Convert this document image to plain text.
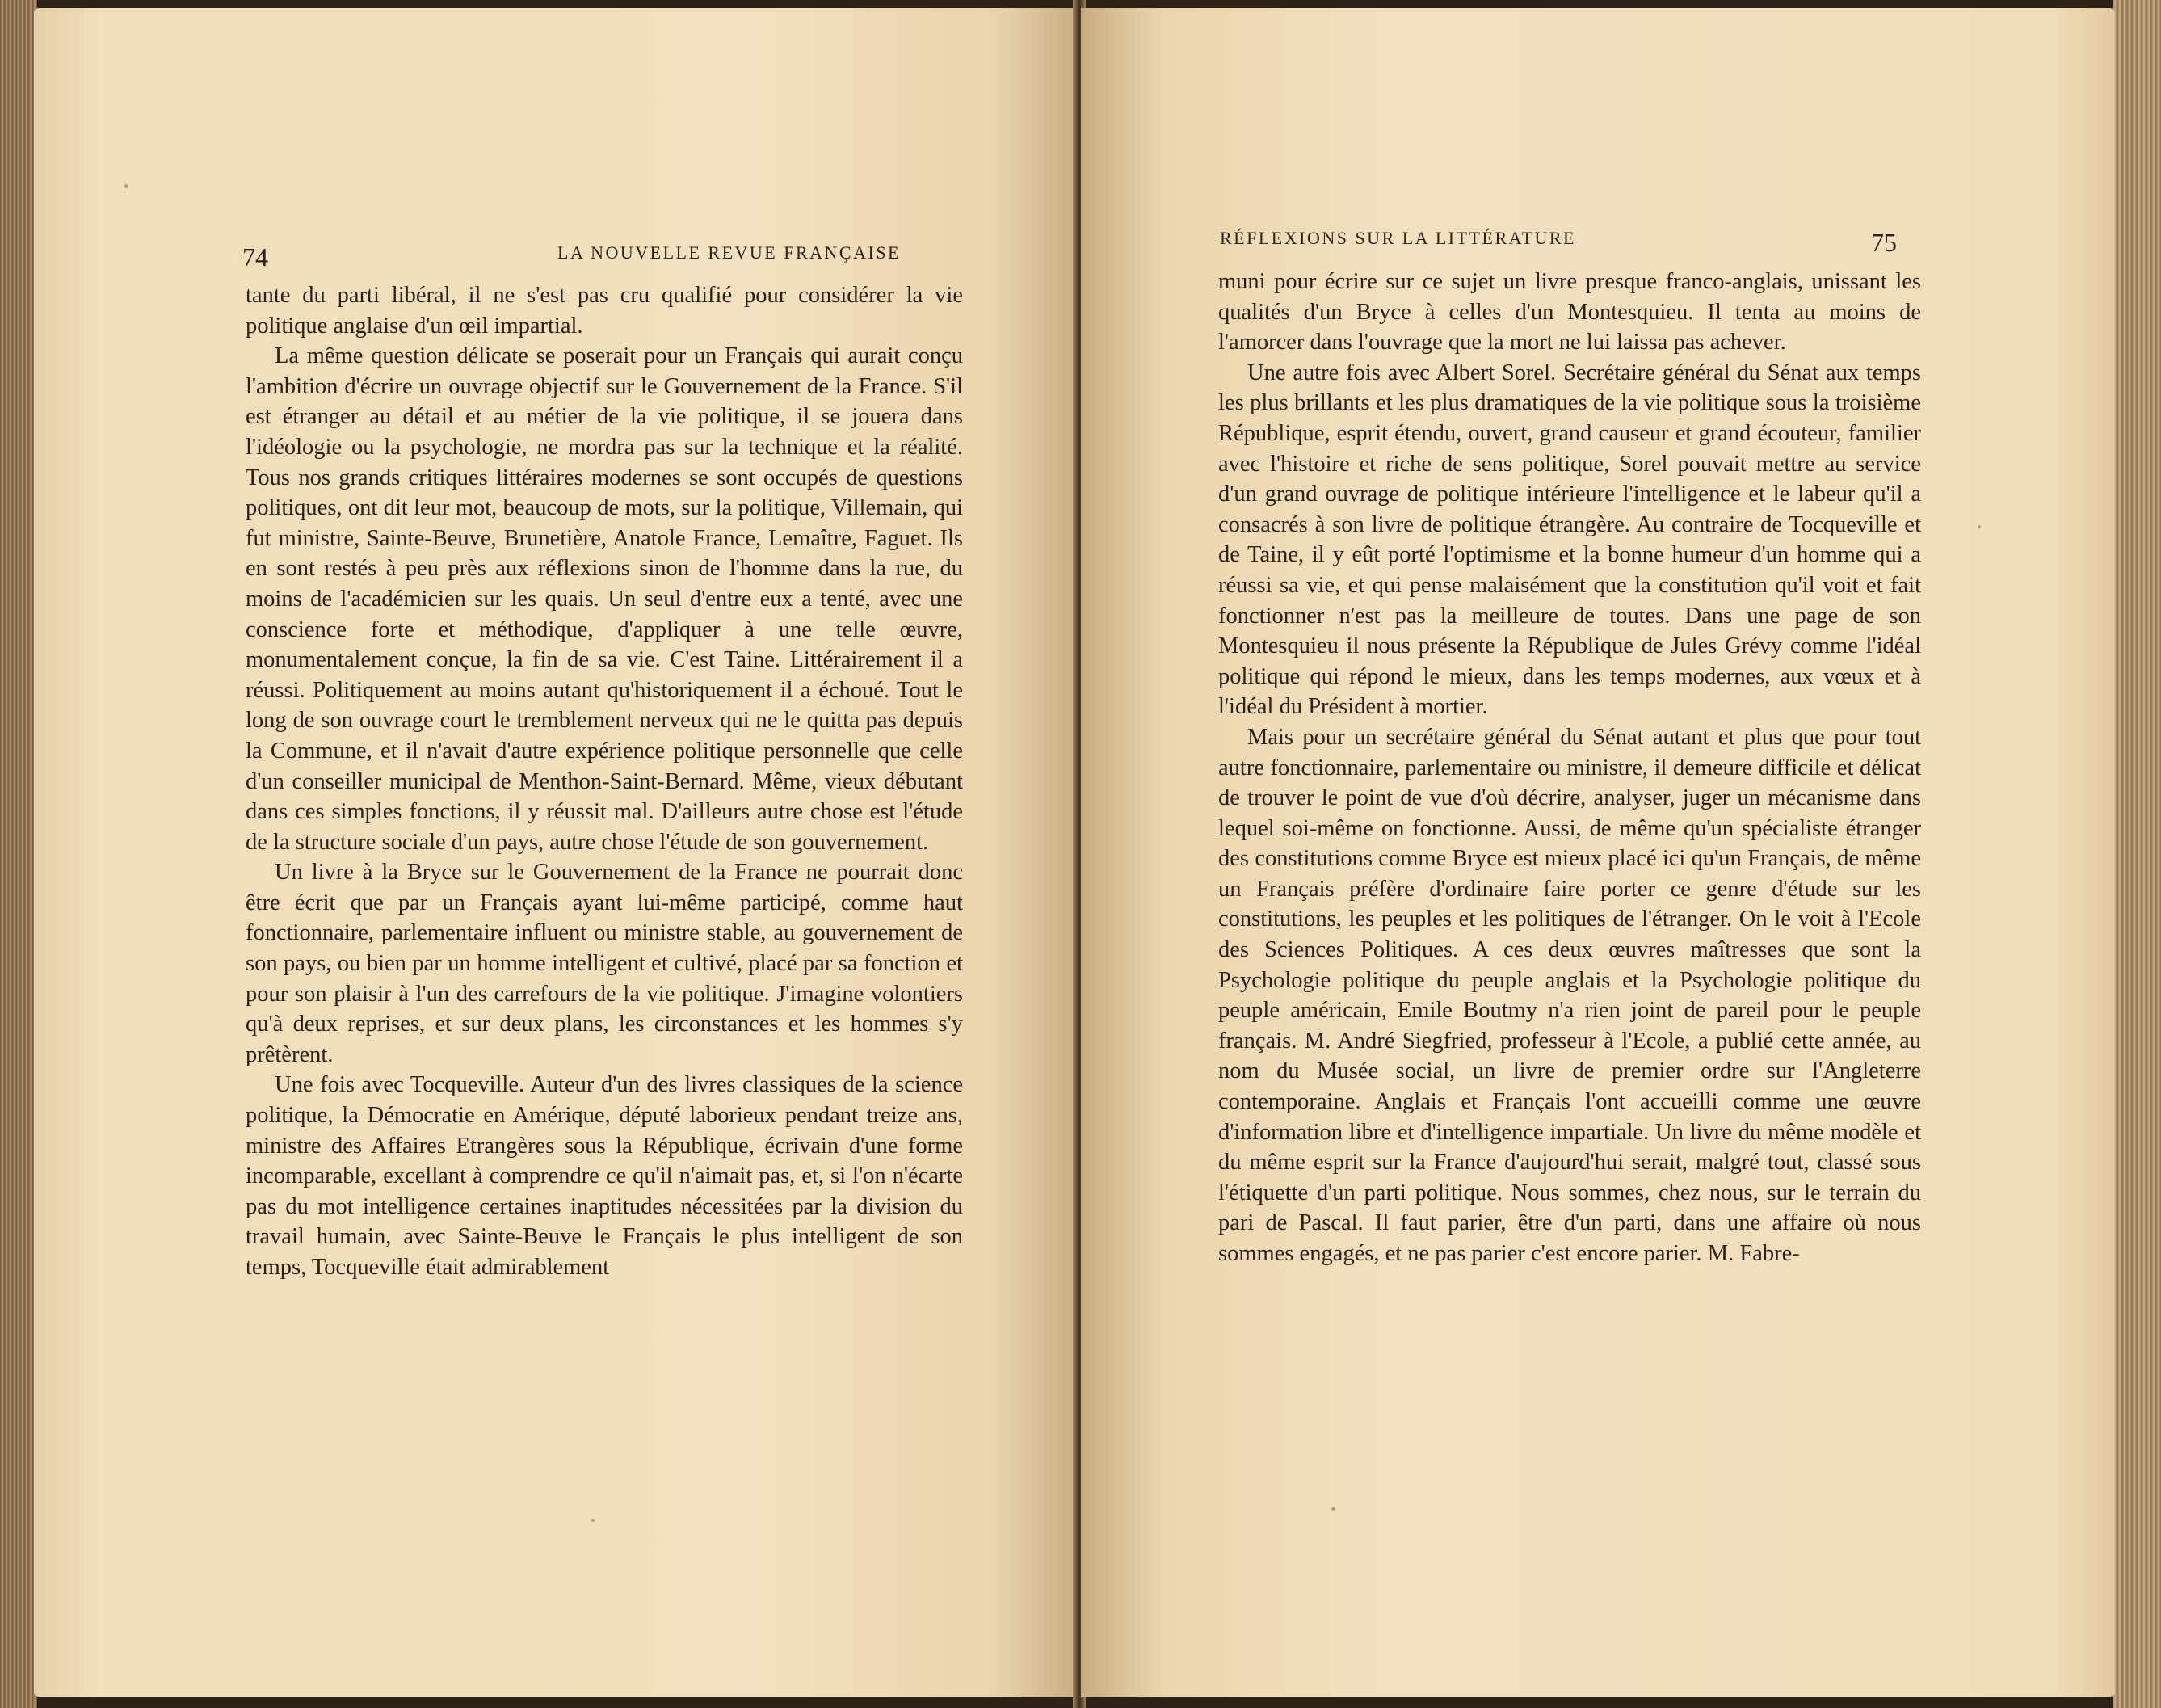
74	LA NOUVELLE REVUE FRANÇAISE

tante du parti libéral, il ne s'est pas cru qualifié pour considérer la vie politique anglaise d'un œil impartial.

La même question délicate se poserait pour un Français qui aurait conçu l'ambition d'écrire un ouvrage objectif sur le Gouvernement de la France. S'il est étranger au détail et au métier de la vie politique, il se jouera dans l'idéologie ou la psychologie, ne mordra pas sur la technique et la réalité. Tous nos grands critiques littéraires modernes se sont occupés de questions politiques, ont dit leur mot, beaucoup de mots, sur la politique, Villemain, qui fut ministre, Sainte-Beuve, Brunetière, Anatole France, Lemaître, Faguet. Ils en sont restés à peu près aux réflexions sinon de l'homme dans la rue, du moins de l'académicien sur les quais. Un seul d'entre eux a tenté, avec une conscience forte et méthodique, d'appliquer à une telle œuvre, monumentalement conçue, la fin de sa vie. C'est Taine. Littérairement il a réussi. Politiquement au moins autant qu'historiquement il a échoué. Tout le long de son ouvrage court le tremblement nerveux qui ne le quitta pas depuis la Commune, et il n'avait d'autre expérience politique personnelle que celle d'un conseiller municipal de Menthon-Saint-Bernard. Même, vieux débutant dans ces simples fonctions, il y réussit mal. D'ailleurs autre chose est l'étude de la structure sociale d'un pays, autre chose l'étude de son gouvernement.

Un livre à la Bryce sur le Gouvernement de la France ne pourrait donc être écrit que par un Français ayant lui-même participé, comme haut fonctionnaire, parlementaire influent ou ministre stable, au gouvernement de son pays, ou bien par un homme intelligent et cultivé, placé par sa fonction et pour son plaisir à l'un des carrefours de la vie politique. J'imagine volontiers qu'à deux reprises, et sur deux plans, les circonstances et les hommes s'y prêtèrent.

Une fois avec Tocqueville. Auteur d'un des livres classiques de la science politique, la Démocratie en Amérique, député laborieux pendant treize ans, ministre des Affaires Etrangères sous la République, écrivain d'une forme incomparable, excellant à comprendre ce qu'il n'aimait pas, et, si l'on n'écarte pas du mot intelligence certaines inaptitudes nécessitées par la division du travail humain, avec Sainte-Beuve le Français le plus intelligent de son temps, Tocqueville était admirablement

RÉFLEXIONS SUR LA LITTÉRATURE	75

muni pour écrire sur ce sujet un livre presque franco-anglais, unissant les qualités d'un Bryce à celles d'un Montesquieu. Il tenta au moins de l'amorcer dans l'ouvrage que la mort ne lui laissa pas achever.

Une autre fois avec Albert Sorel. Secrétaire général du Sénat aux temps les plus brillants et les plus dramatiques de la vie politique sous la troisième République, esprit étendu, ouvert, grand causeur et grand écouteur, familier avec l'histoire et riche de sens politique, Sorel pouvait mettre au service d'un grand ouvrage de politique intérieure l'intelligence et le labeur qu'il a consacrés à son livre de politique étrangère. Au contraire de Tocqueville et de Taine, il y eût porté l'optimisme et la bonne humeur d'un homme qui a réussi sa vie, et qui pense malaisément que la constitution qu'il voit et fait fonctionner n'est pas la meilleure de toutes. Dans une page de son Montesquieu il nous présente la République de Jules Grévy comme l'idéal politique qui répond le mieux, dans les temps modernes, aux vœux et à l'idéal du Président à mortier.

Mais pour un secrétaire général du Sénat autant et plus que pour tout autre fonctionnaire, parlementaire ou ministre, il demeure difficile et délicat de trouver le point de vue d'où décrire, analyser, juger un mécanisme dans lequel soi-même on fonctionne. Aussi, de même qu'un spécialiste étranger des constitutions comme Bryce est mieux placé ici qu'un Français, de même un Français préfère d'ordinaire faire porter ce genre d'étude sur les constitutions, les peuples et les politiques de l'étranger. On le voit à l'Ecole des Sciences Politiques. A ces deux œuvres maîtresses que sont la Psychologie politique du peuple anglais et la Psychologie politique du peuple américain, Emile Boutmy n'a rien joint de pareil pour le peuple français. M. André Siegfried, professeur à l'Ecole, a publié cette année, au nom du Musée social, un livre de premier ordre sur l'Angleterre contemporaine. Anglais et Français l'ont accueilli comme une œuvre d'information libre et d'intelligence impartiale. Un livre du même modèle et du même esprit sur la France d'aujourd'hui serait, malgré tout, classé sous l'étiquette d'un parti politique. Nous sommes, chez nous, sur le terrain du pari de Pascal. Il faut parier, être d'un parti, dans une affaire où nous sommes engagés, et ne pas parier c'est encore parier. M. Fabre-
